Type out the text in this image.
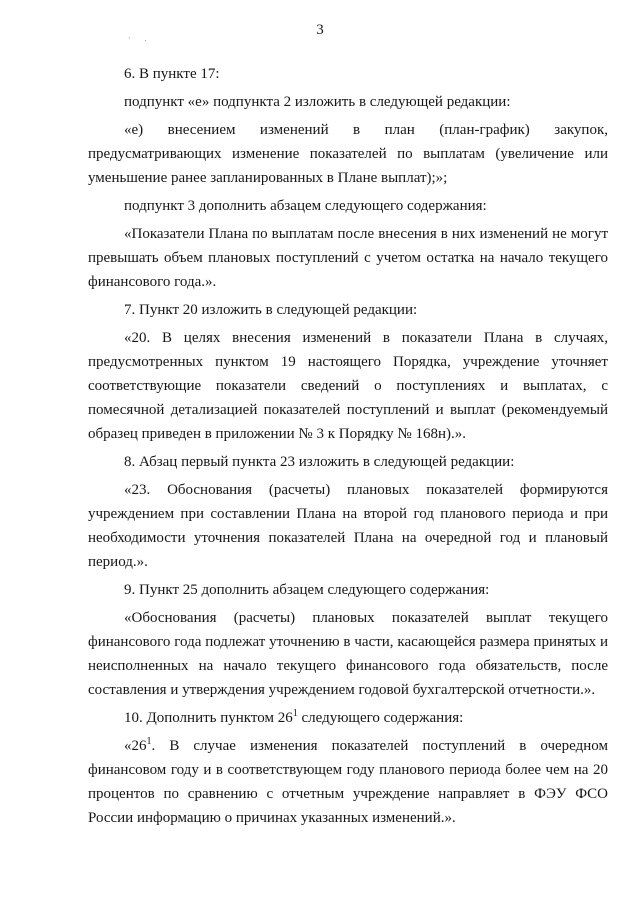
3
· .

6. В пункте 17:

подпункт «е» подпункта 2 изложить в следующей редакции:

«е) внесением изменений в план (план-график) закупок, предусматривающих изменение показателей по выплатам (увеличение или уменьшение ранее запланированных в Плане выплат);»;

подпункт 3 дополнить абзацем следующего содержания:

«Показатели Плана по выплатам после внесения в них изменений не могут превышать объем плановых поступлений с учетом остатка на начало текущего финансового года.».

7. Пункт 20 изложить в следующей редакции:

«20. В целях внесения изменений в показатели Плана в случаях, предусмотренных пунктом 19 настоящего Порядка, учреждение уточняет соответствующие показатели сведений о поступлениях и выплатах, с помесячной детализацией показателей поступлений и выплат (рекомендуемый образец приведен в приложении № 3 к Порядку № 168н).».

8. Абзац первый пункта 23 изложить в следующей редакции:

«23. Обоснования (расчеты) плановых показателей формируются учреждением при составлении Плана на второй год планового периода и при необходимости уточнения показателей Плана на очередной год и плановый период.».

9. Пункт 25 дополнить абзацем следующего содержания:

«Обоснования (расчеты) плановых показателей выплат текущего финансового года подлежат уточнению в части, касающейся размера принятых и неисполненных на начало текущего финансового года обязательств, после составления и утверждения учреждением годовой бухгалтерской отчетности.».

10. Дополнить пунктом $26^1$ следующего содержания:

«$26^1$. В случае изменения показателей поступлений в очередном финансовом году и в соответствующем году планового периода более чем на 20 процентов по сравнению с отчетным учреждение направляет в ФЭУ ФСО России информацию о причинах указанных изменений.».
